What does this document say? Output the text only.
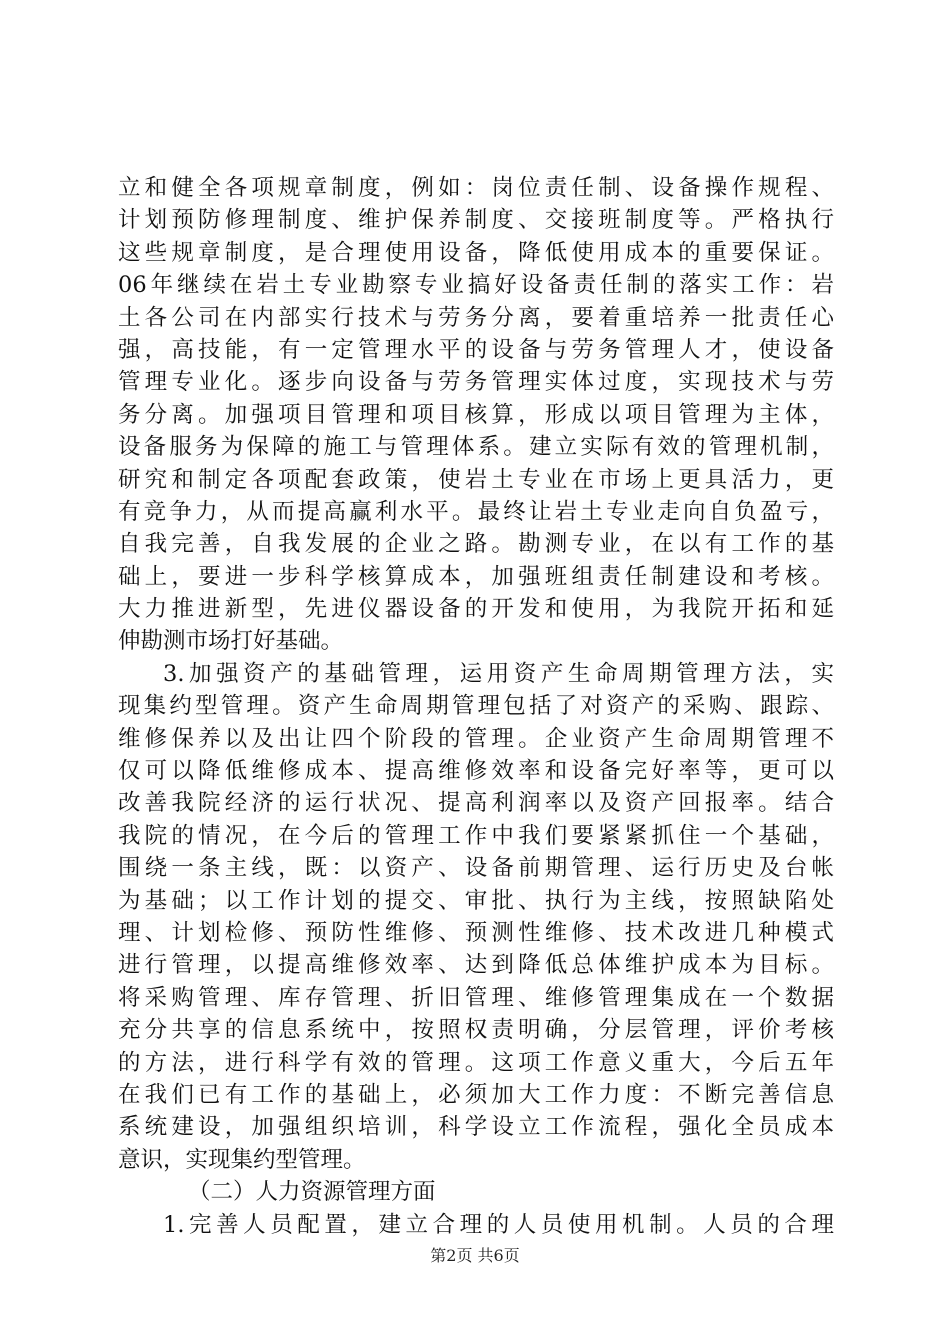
立和健全各项规章制度，例如：岗位责任制、设备操作规程、
计划预防修理制度、维护保养制度、交接班制度等。严格执行
这些规章制度，是合理使用设备，降低使用成本的重要保证。
06年继续在岩土专业勘察专业搞好设备责任制的落实工作：岩
土各公司在内部实行技术与劳务分离，要着重培养一批责任心
强，高技能，有一定管理水平的设备与劳务管理人才，使设备
管理专业化。逐步向设备与劳务管理实体过度，实现技术与劳
务分离。加强项目管理和项目核算，形成以项目管理为主体，
设备服务为保障的施工与管理体系。建立实际有效的管理机制，
研究和制定各项配套政策，使岩土专业在市场上更具活力，更
有竞争力，从而提高赢利水平。最终让岩土专业走向自负盈亏，
自我完善，自我发展的企业之路。勘测专业，在以有工作的基
础上，要进一步科学核算成本，加强班组责任制建设和考核。
大力推进新型，先进仪器设备的开发和使用，为我院开拓和延
伸勘测市场打好基础。
3.加强资产的基础管理，运用资产生命周期管理方法，实
现集约型管理。资产生命周期管理包括了对资产的采购、跟踪、
维修保养以及出让四个阶段的管理。企业资产生命周期管理不
仅可以降低维修成本、提高维修效率和设备完好率等，更可以
改善我院经济的运行状况、提高利润率以及资产回报率。结合
我院的情况，在今后的管理工作中我们要紧紧抓住一个基础，
围绕一条主线，既：以资产、设备前期管理、运行历史及台帐
为基础；以工作计划的提交、审批、执行为主线，按照缺陷处
理、计划检修、预防性维修、预测性维修、技术改进几种模式
进行管理，以提高维修效率、达到降低总体维护成本为目标。
将采购管理、库存管理、折旧管理、维修管理集成在一个数据
充分共享的信息系统中，按照权责明确，分层管理，评价考核
的方法，进行科学有效的管理。这项工作意义重大，今后五年
在我们已有工作的基础上，必须加大工作力度：不断完善信息
系统建设，加强组织培训，科学设立工作流程，强化全员成本
意识，实现集约型管理。
（二）人力资源管理方面
1.完善人员配置，建立合理的人员使用机制。人员的合理
第2页 共6页
